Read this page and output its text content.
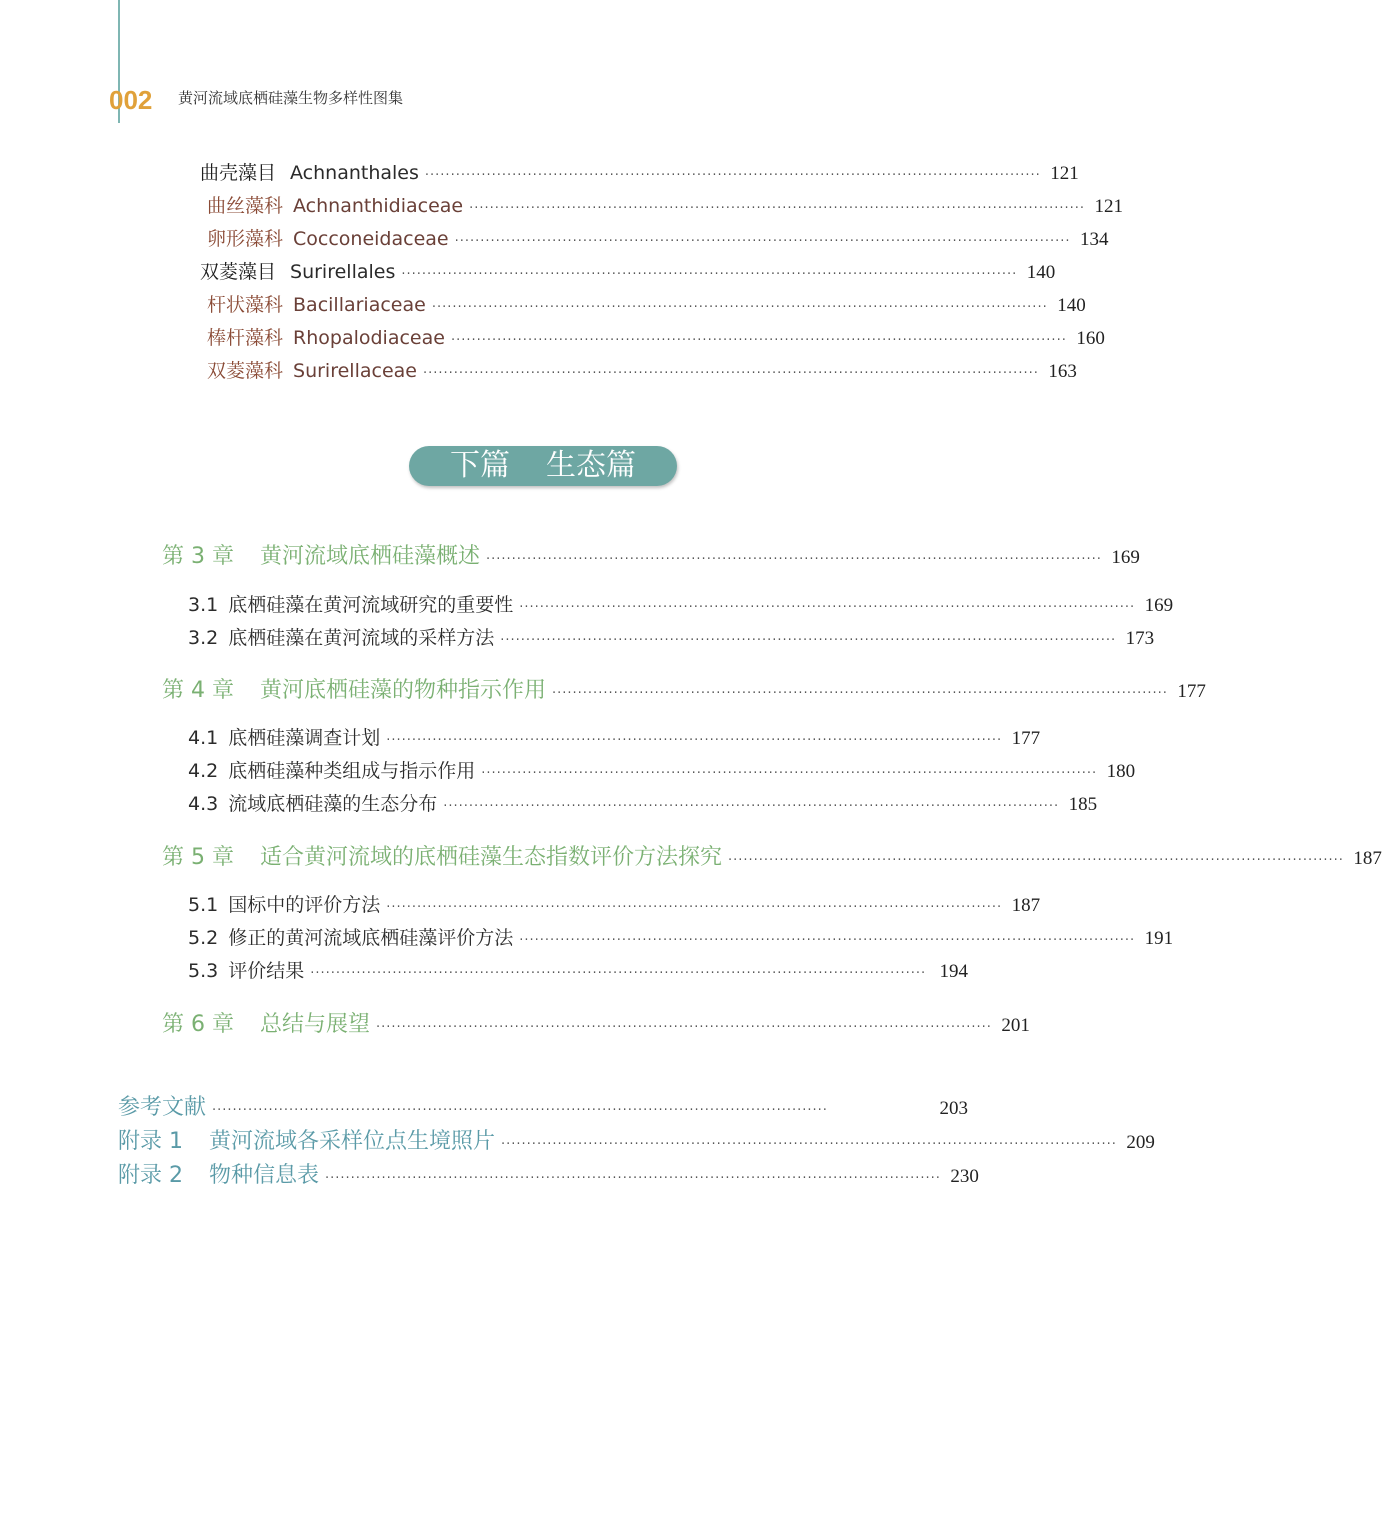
002	黄河流域底栖硅藻生物多样性图集
曲壳藻目 Achnanthales ························································································································ 121
曲丝藻科 Achnanthidiaceae ························································································································ 121
卵形藻科 Cocconeidaceae ························································································································ 134
双菱藻目 Surirellales ························································································································ 140
杆状藻科 Bacillariaceae ························································································································ 140
棒杆藻科 Rhopalodiaceae ························································································································ 160
双菱藻科 Surirellaceae ························································································································ 163
下篇 生态篇
第 3 章 黄河流域底栖硅藻概述 ························································································································ 169
3.1 底栖硅藻在黄河流域研究的重要性 ························································································································ 169
3.2 底栖硅藻在黄河流域的采样方法 ························································································································ 173
第 4 章 黄河底栖硅藻的物种指示作用 ························································································································ 177
4.1 底栖硅藻调查计划 ························································································································ 177
4.2 底栖硅藻种类组成与指示作用 ························································································································ 180
4.3 流域底栖硅藻的生态分布 ························································································································ 185
第 5 章 适合黄河流域的底栖硅藻生态指数评价方法探究 ························································································································ 187
5.1 国标中的评价方法 ························································································································ 187
5.2 修正的黄河流域底栖硅藻评价方法 ························································································································ 191
5.3 评价结果 ························································································································ 194
第 6 章 总结与展望 ························································································································ 201
参考文献 ························································································································	203
附录 1 黄河流域各采样位点生境照片 ························································································································ 209
附录 2 物种信息表 ························································································································ 230
